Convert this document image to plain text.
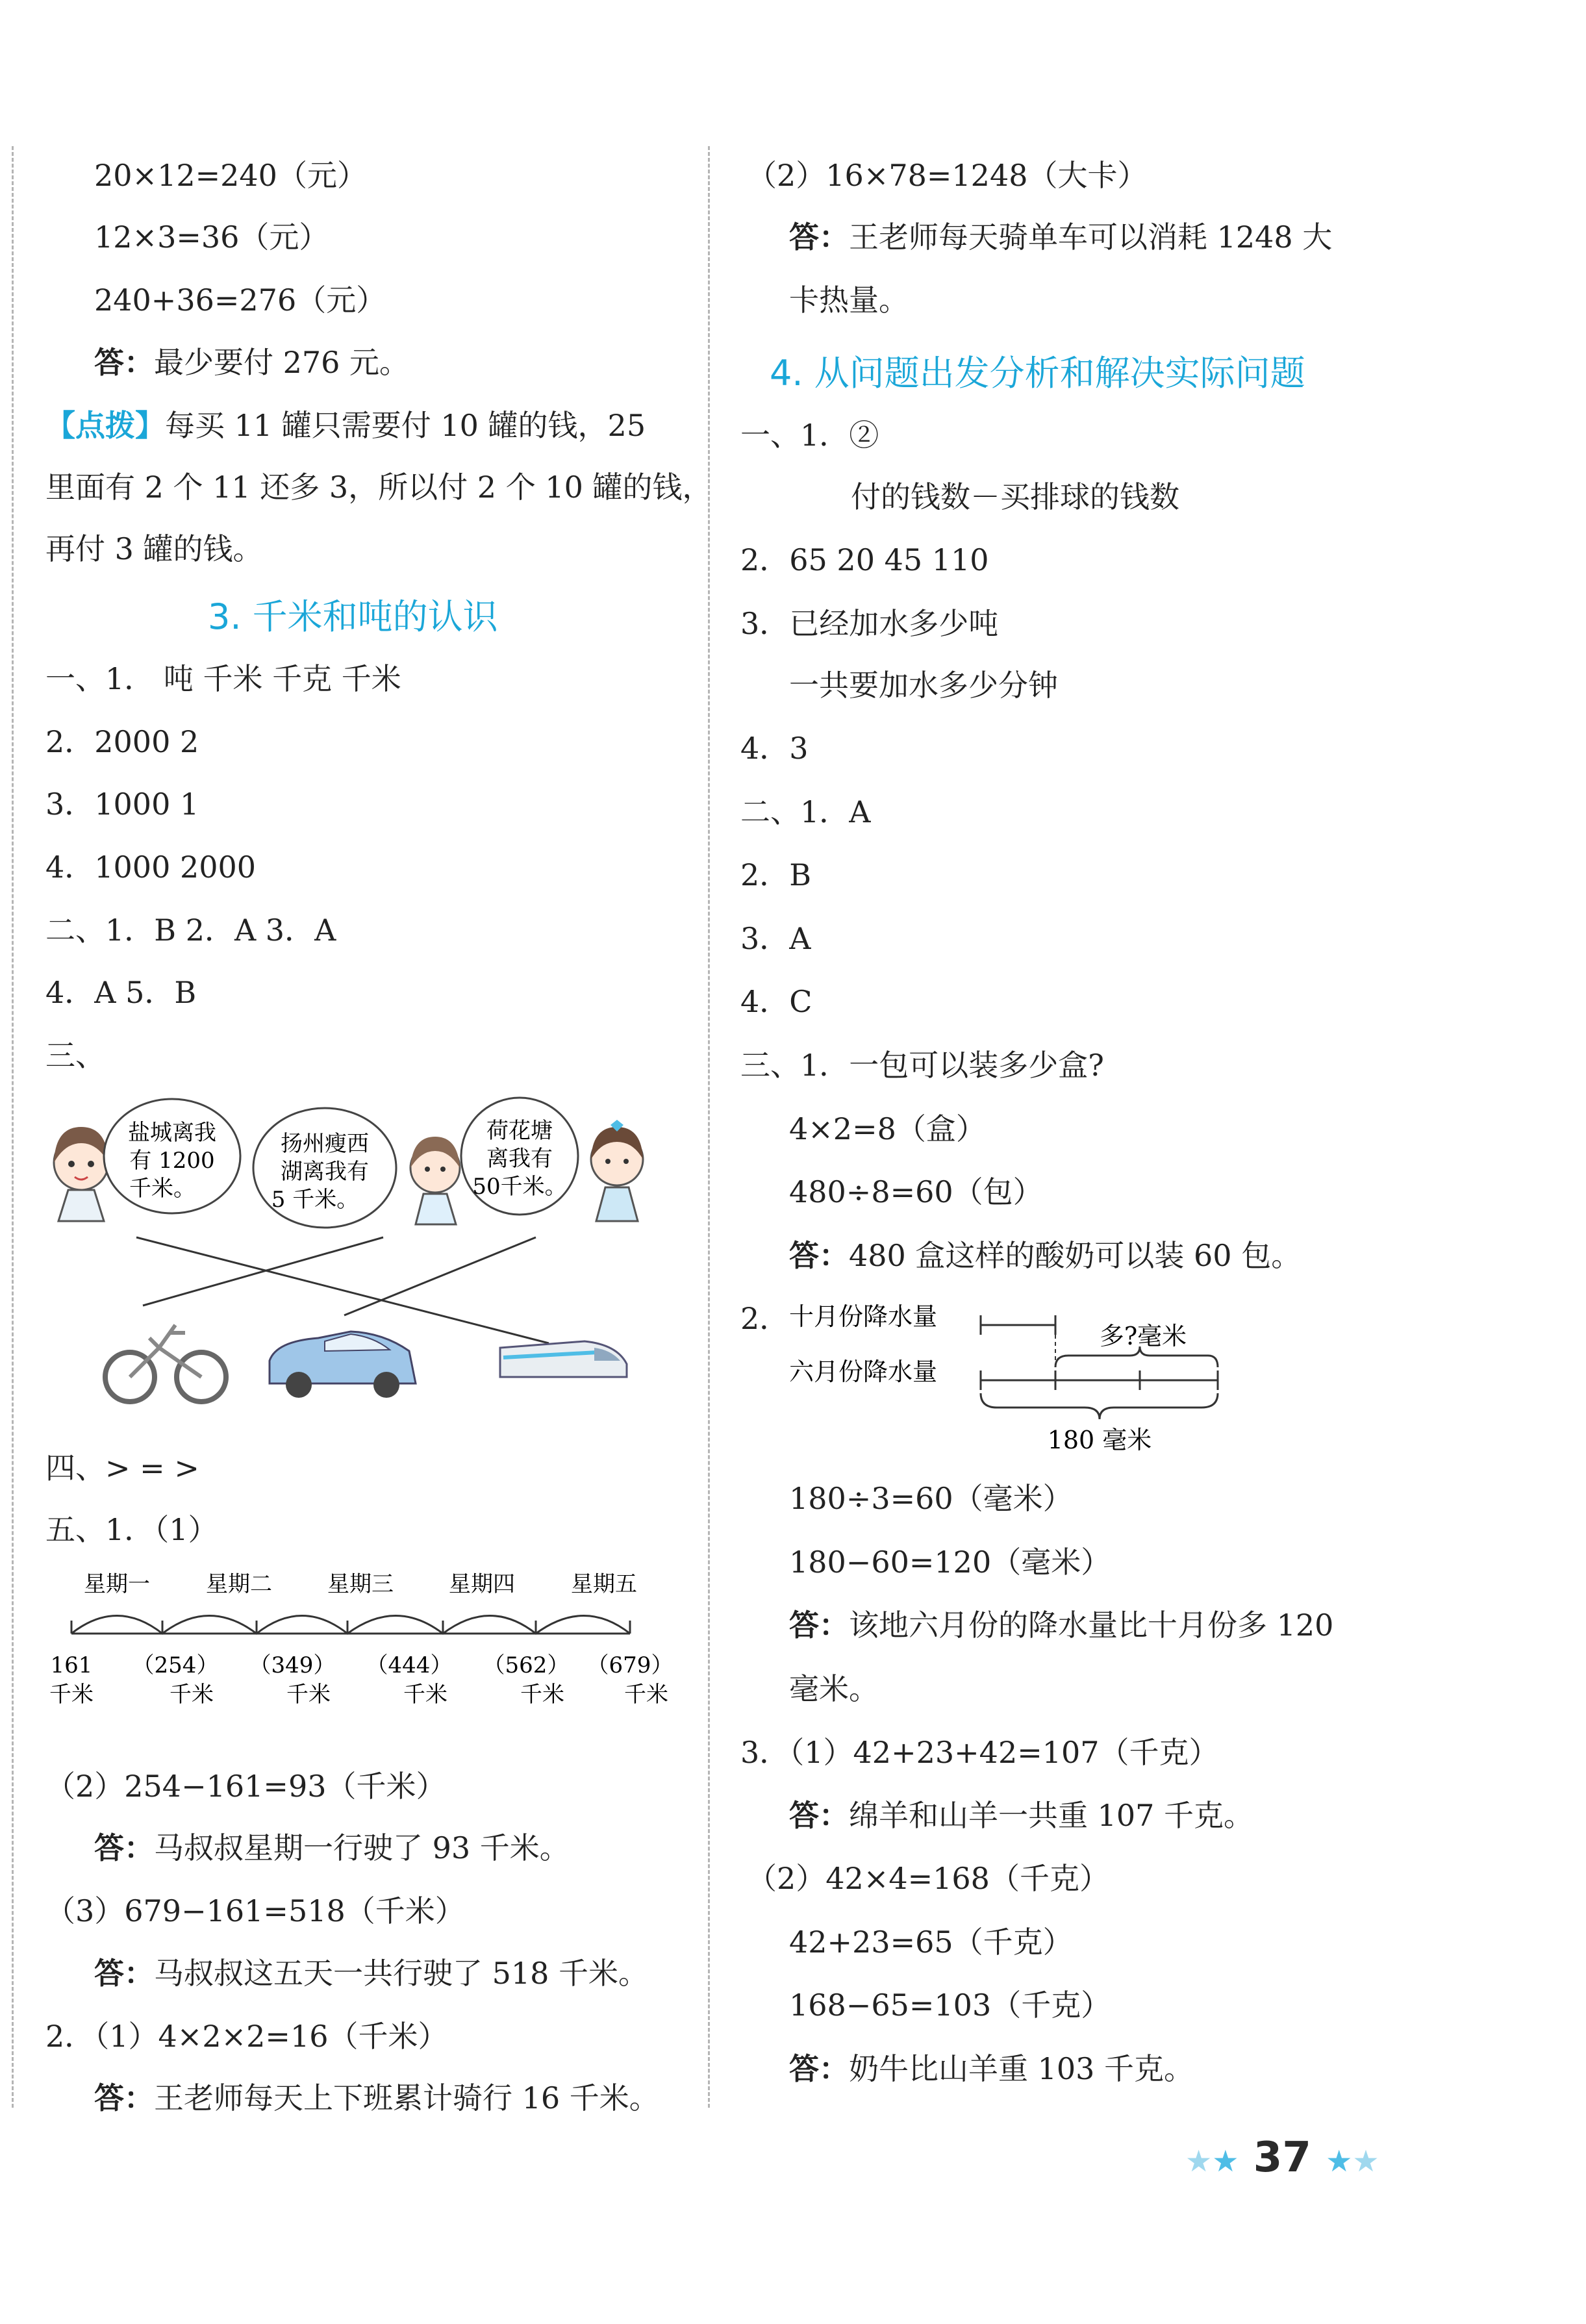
20×12=240（元）
12×3=36（元）
240+36=276（元）
答：最少要付 276 元。
【点拨】每买 11 罐只需要付 10 罐的钱，25
里面有 2 个 11 还多 3，所以付 2 个 10 罐的钱，
再付 3 罐的钱。
3. 千米和吨的认识
一、1． 吨 千米 千克 千米
2．2000 2
3．1000 1
4．1000 2000
二、1．B 2．A 3．A
4．A 5．B
三、
盐城离我
有 1200
千米。
扬州瘦西
湖离我有
5 千米。
荷花塘
离我有
50千米。
四、> = >
五、1．（1）
星期一	星期二	星期三	星期四	星期五
161 （254） （349） （444） （562） （679）
千米	千米	千米	千米	千米	千米
（2）254−161=93（千米）
答：马叔叔星期一行驶了 93 千米。
（3）679−161=518（千米）
答：马叔叔这五天一共行驶了 518 千米。
2．（1）4×2×2=16（千米）
答：王老师每天上下班累计骑行 16 千米。
（2）16×78=1248（大卡）
答：王老师每天骑单车可以消耗 1248 大
卡热量。
4. 从问题出发分析和解决实际问题
一、1．②
付的钱数－买排球的钱数
2．65 20 45 110
3．已经加水多少吨
一共要加水多少分钟
4．3
二、1．A
2．B
3．A
4．C
三、1．一包可以装多少盒?
4×2=8（盒）
480÷8=60（包）
答：480 盒这样的酸奶可以装 60 包。
2． 十月份降水量
六月份降水量
多?毫米
180 毫米
180÷3=60（毫米）
180−60=120（毫米）
答：该地六月份的降水量比十月份多 120
毫米。
3．（1）42+23+42=107（千克）
答：绵羊和山羊一共重 107 千克。
（2）42×4=168（千克）
42+23=65（千克）
168−65=103（千克）
答：奶牛比山羊重 103 千克。
★★ 37 ★★
